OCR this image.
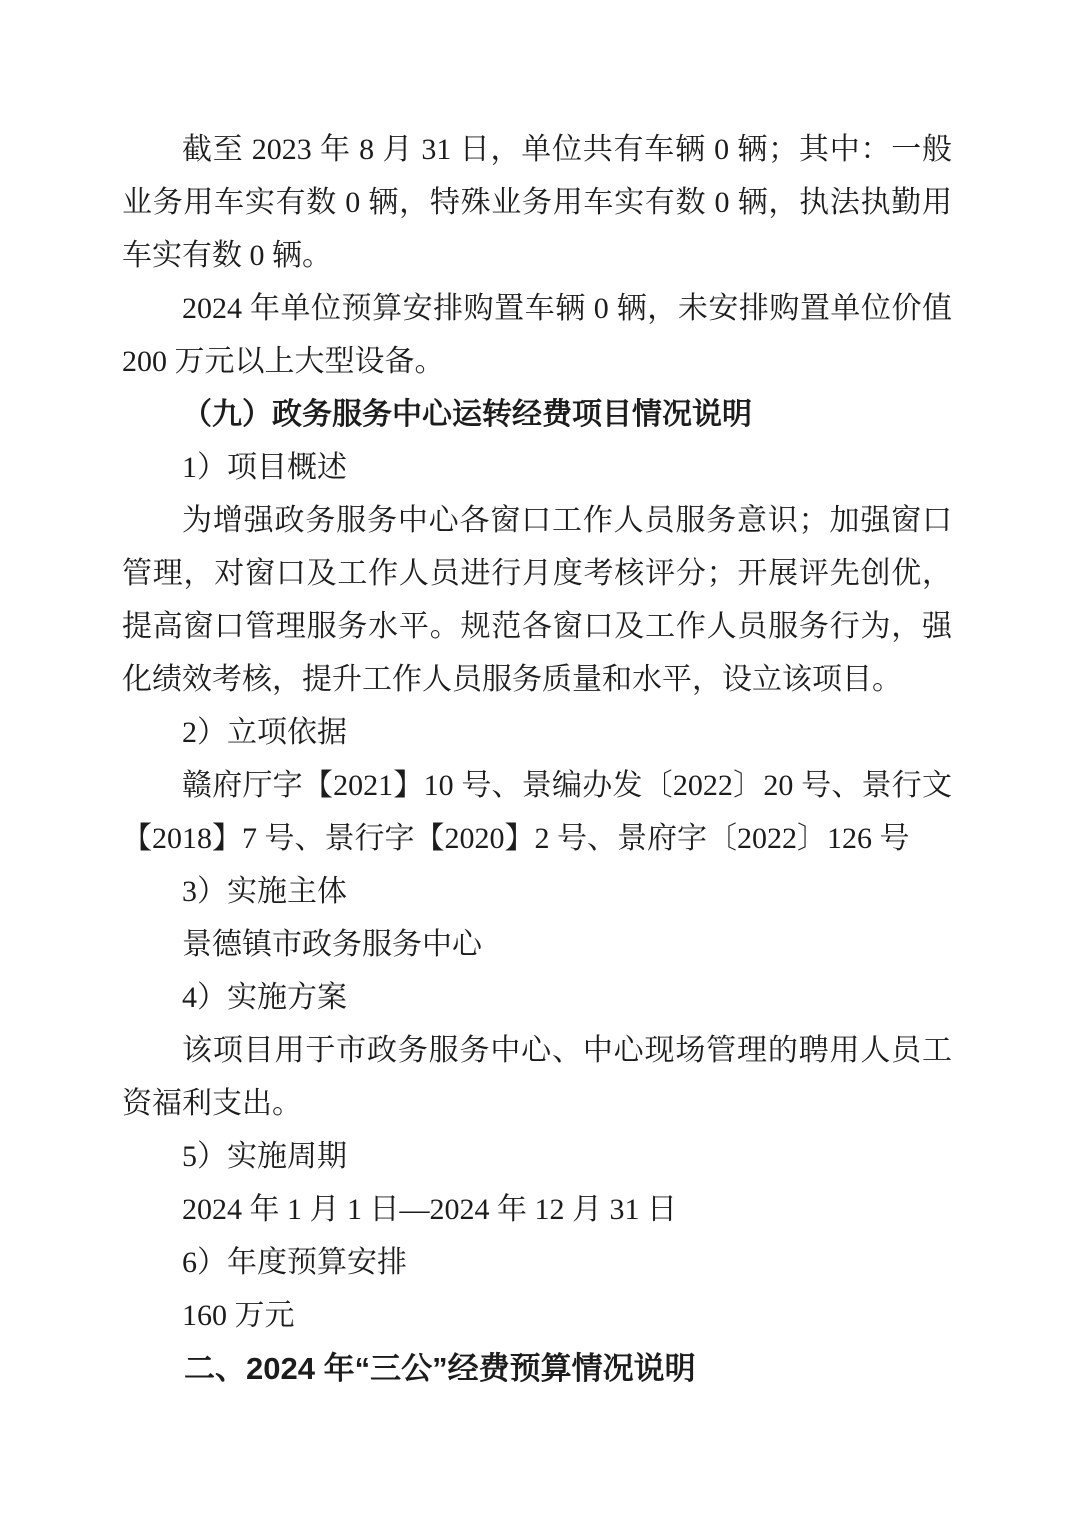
截至 2023 年 8 月 31 日，单位共有车辆 0 辆；其中：一般业务用车实有数 0 辆，特殊业务用车实有数 0 辆，执法执勤用车实有数 0 辆。

2024 年单位预算安排购置车辆 0 辆，未安排购置单位价值 200 万元以上大型设备。

（九）政务服务中心运转经费项目情况说明

1）项目概述

为增强政务服务中心各窗口工作人员服务意识；加强窗口管理，对窗口及工作人员进行月度考核评分；开展评先创优，提高窗口管理服务水平。规范各窗口及工作人员服务行为，强化绩效考核，提升工作人员服务质量和水平，设立该项目。

2）立项依据

赣府厅字【2021】10 号、景编办发〔2022〕20 号、景行文【2018】7 号、景行字【2020】2 号、景府字〔2022〕126 号

3）实施主体

景德镇市政务服务中心

4）实施方案

该项目用于市政务服务中心、中心现场管理的聘用人员工资福利支出。

5）实施周期

2024 年 1 月 1 日—2024 年 12 月 31 日

6）年度预算安排

160 万元

二、2024 年“三公”经费预算情况说明
